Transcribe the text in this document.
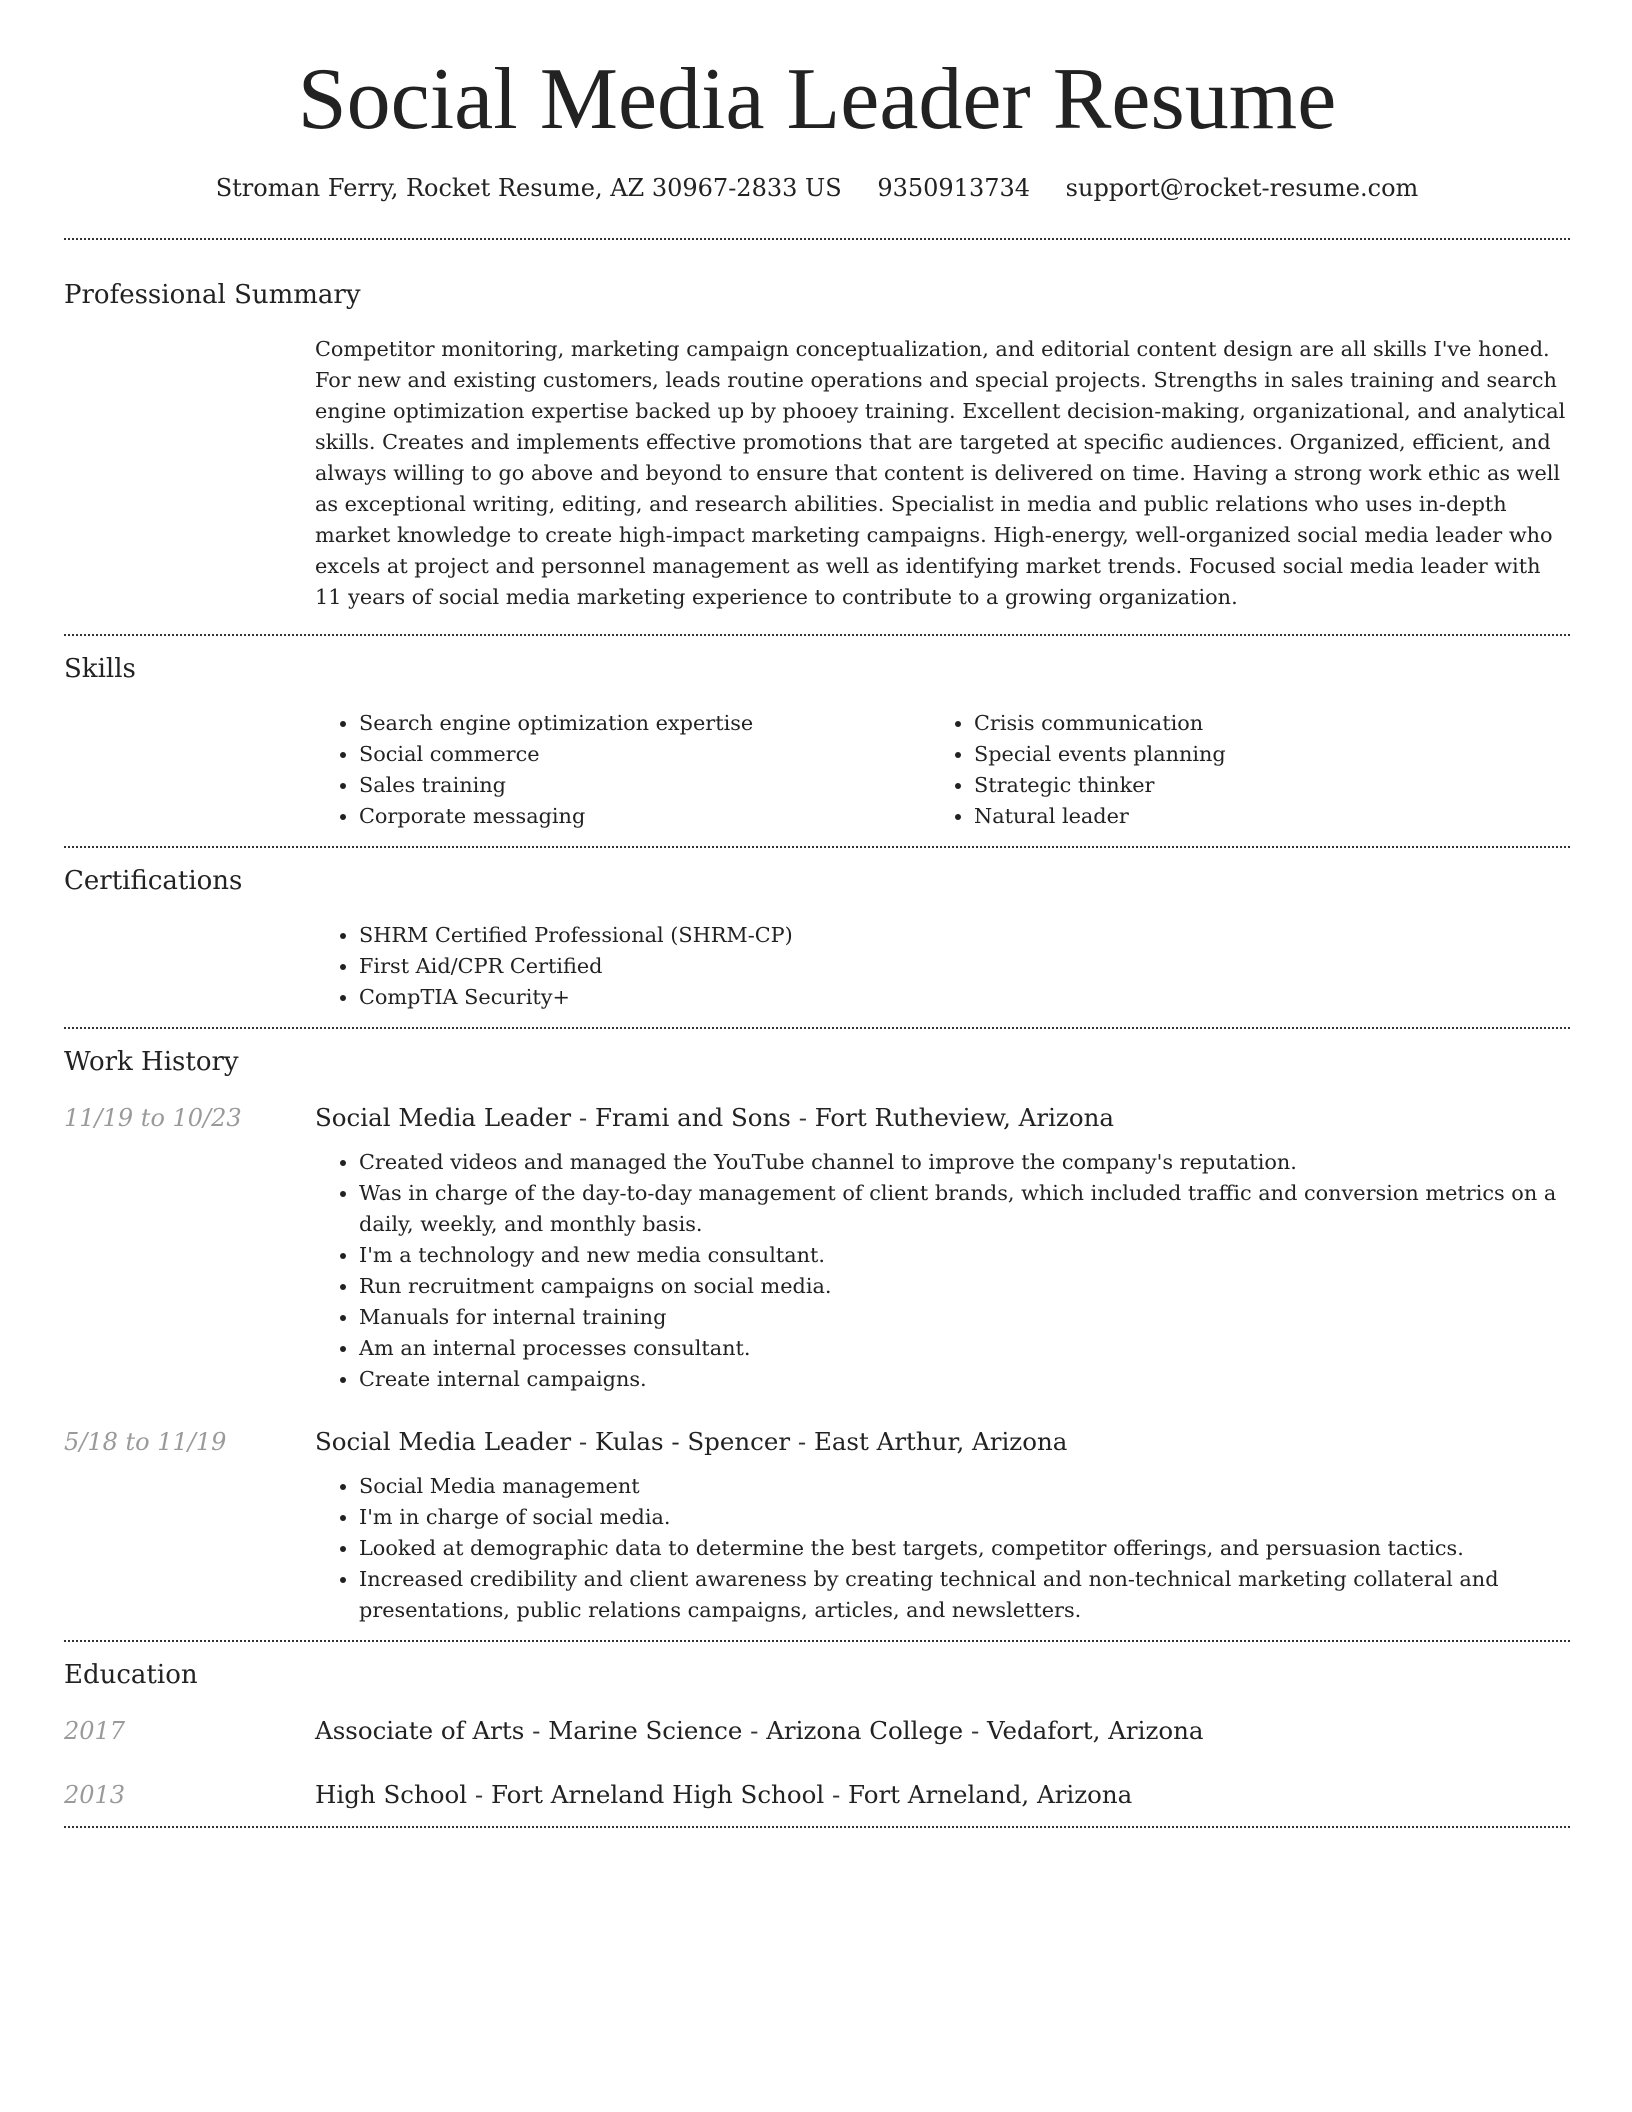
Social Media Leader Resume
Stroman Ferry, Rocket Resume, AZ 30967-2833 US 9350913734 support@rocket-resume.com
Professional Summary

Competitor monitoring, marketing campaign conceptualization, and editorial content design are all skills I've honed. For new and existing customers, leads routine operations and special projects. Strengths in sales training and search engine optimization expertise backed up by phooey training. Excellent decision-making, organizational, and analytical skills. Creates and implements effective promotions that are targeted at specific audiences. Organized, efficient, and always willing to go above and beyond to ensure that content is delivered on time. Having a strong work ethic as well as exceptional writing, editing, and research abilities. Specialist in media and public relations who uses in-depth market knowledge to create high-impact marketing campaigns. High-energy, well-organized social media leader who excels at project and personnel management as well as identifying market trends. Focused social media leader with 11 years of social media marketing experience to contribute to a growing organization.

Skills
• Search engine optimization expertise
• Social commerce
• Sales training
• Corporate messaging
• Crisis communication
• Special events planning
• Strategic thinker
• Natural leader
Certifications
• SHRM Certified Professional (SHRM-CP)
• First Aid/CPR Certified
• CompTIA Security+
Work History
11/19 to 10/23	Social Media Leader - Frami and Sons - Fort Rutheview, Arizona
• Created videos and managed the YouTube channel to improve the company's reputation.
• Was in charge of the day-to-day management of client brands, which included traffic and conversion metrics on a daily, weekly, and monthly basis.
• I'm a technology and new media consultant.
• Run recruitment campaigns on social media.
• Manuals for internal training
• Am an internal processes consultant.
• Create internal campaigns.
5/18 to 11/19	Social Media Leader - Kulas - Spencer - East Arthur, Arizona
• Social Media management
• I'm in charge of social media.
• Looked at demographic data to determine the best targets, competitor offerings, and persuasion tactics.
• Increased credibility and client awareness by creating technical and non-technical marketing collateral and presentations, public relations campaigns, articles, and newsletters.
Education
2017	Associate of Arts - Marine Science - Arizona College - Vedafort, Arizona
2013	High School - Fort Arneland High School - Fort Arneland, Arizona
